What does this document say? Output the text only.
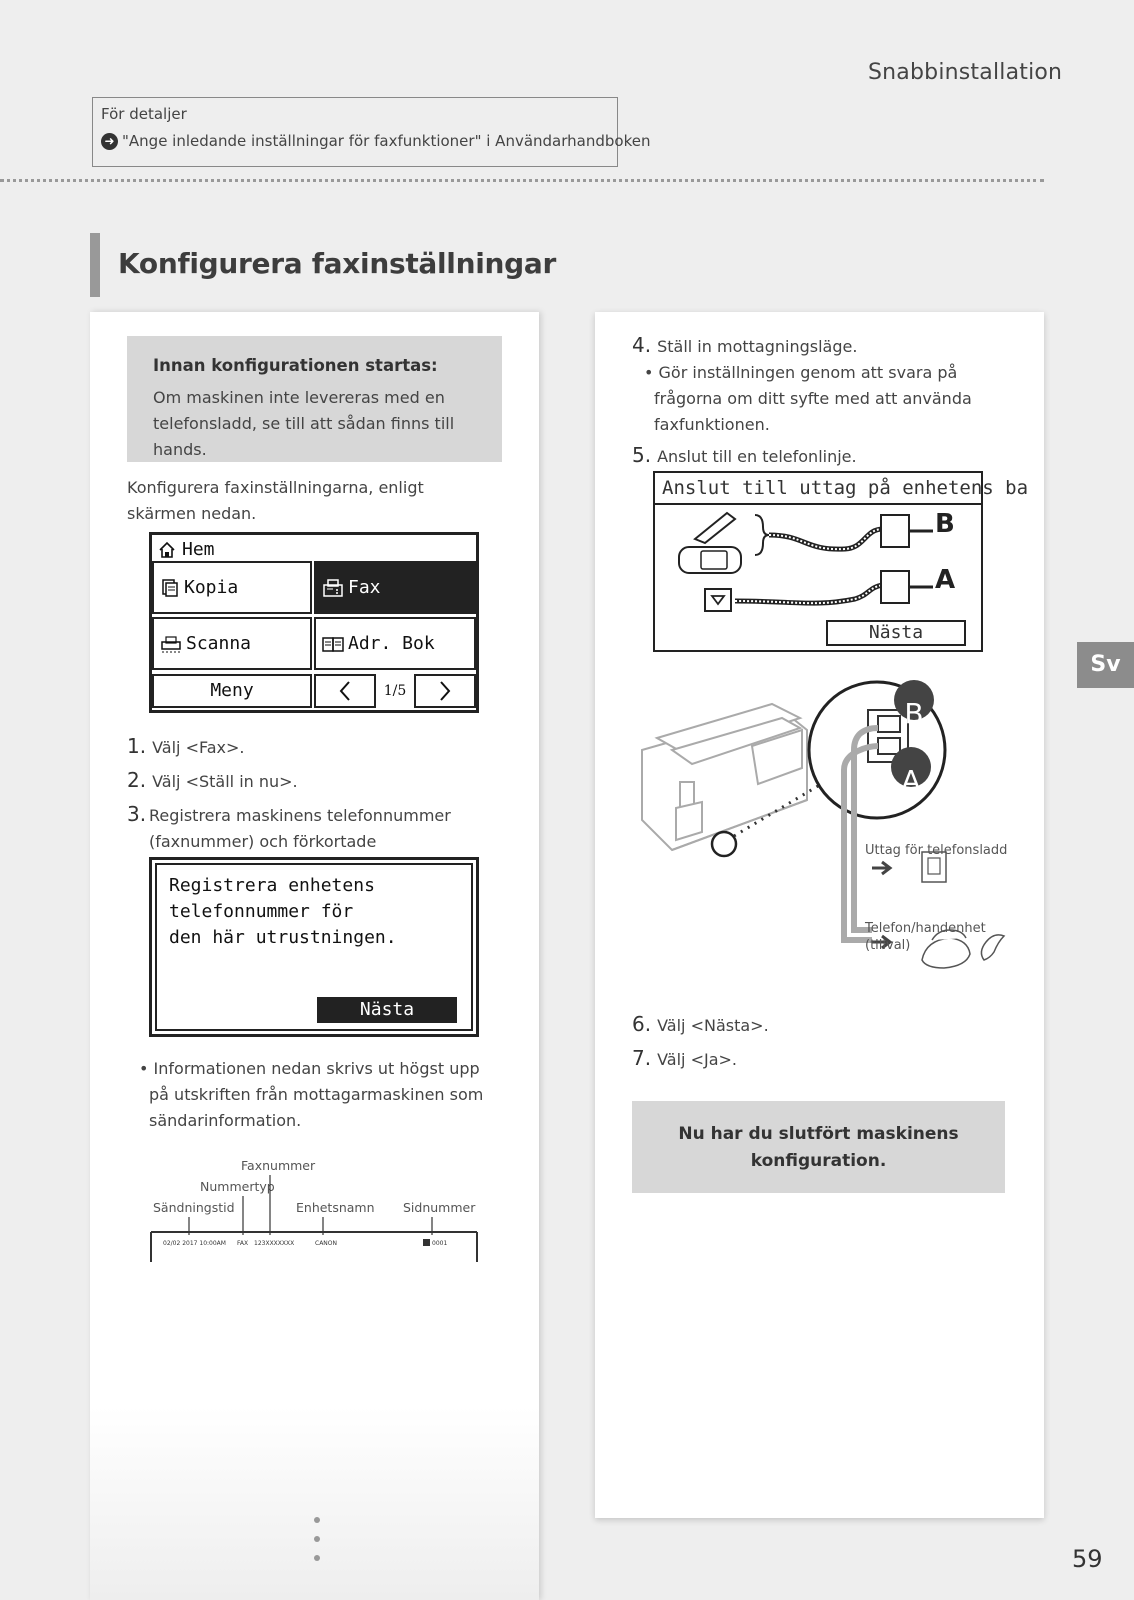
Snabbinstallation
För detaljer
➜ "Ange inledande inställningar för faxfunktioner" i Användarhandboken
Konfigurera faxinställningar
Innan konfigurationen startas:
Om maskinen inte levereras med en telefonsladd, se till att sådan finns till hands.
Konfigurera faxinställningarna, enligt skärmen nedan.
Hem
Kopia	Fax
Scanna	Adr. Bok
Meny	1/5
1. Välj <Fax>.
2. Välj <Ställ in nu>.
3. Registrera maskinens telefonnummer (faxnummer) och förkortade
Registrera enhetens
telefonnummer för
den här utrustningen.
Nästa
• Informationen nedan skrivs ut högst upp på utskriften från mottagarmaskinen som sändarinformation.
Faxnummer
Nummertyp
Sändningstid	Enhetsnamn Sidnummer
02/02 2017 10:00AM FAX 123XXXXXXX	CANON	0001
4. Ställ in mottagningsläge.
• Gör inställningen genom att svara på frågorna om ditt syfte med att använda faxfunktionen.
5. Anslut till en telefonlinje.
Anslut till uttag på enhetens ba
B
A
Nästa
B
A
Uttag för telefonsladd
Telefon/handenhet
(tillval)
6. Välj <Nästa>.
7. Välj <Ja>.
Nu har du slutfört maskinens
konfiguration.
Sv
59
